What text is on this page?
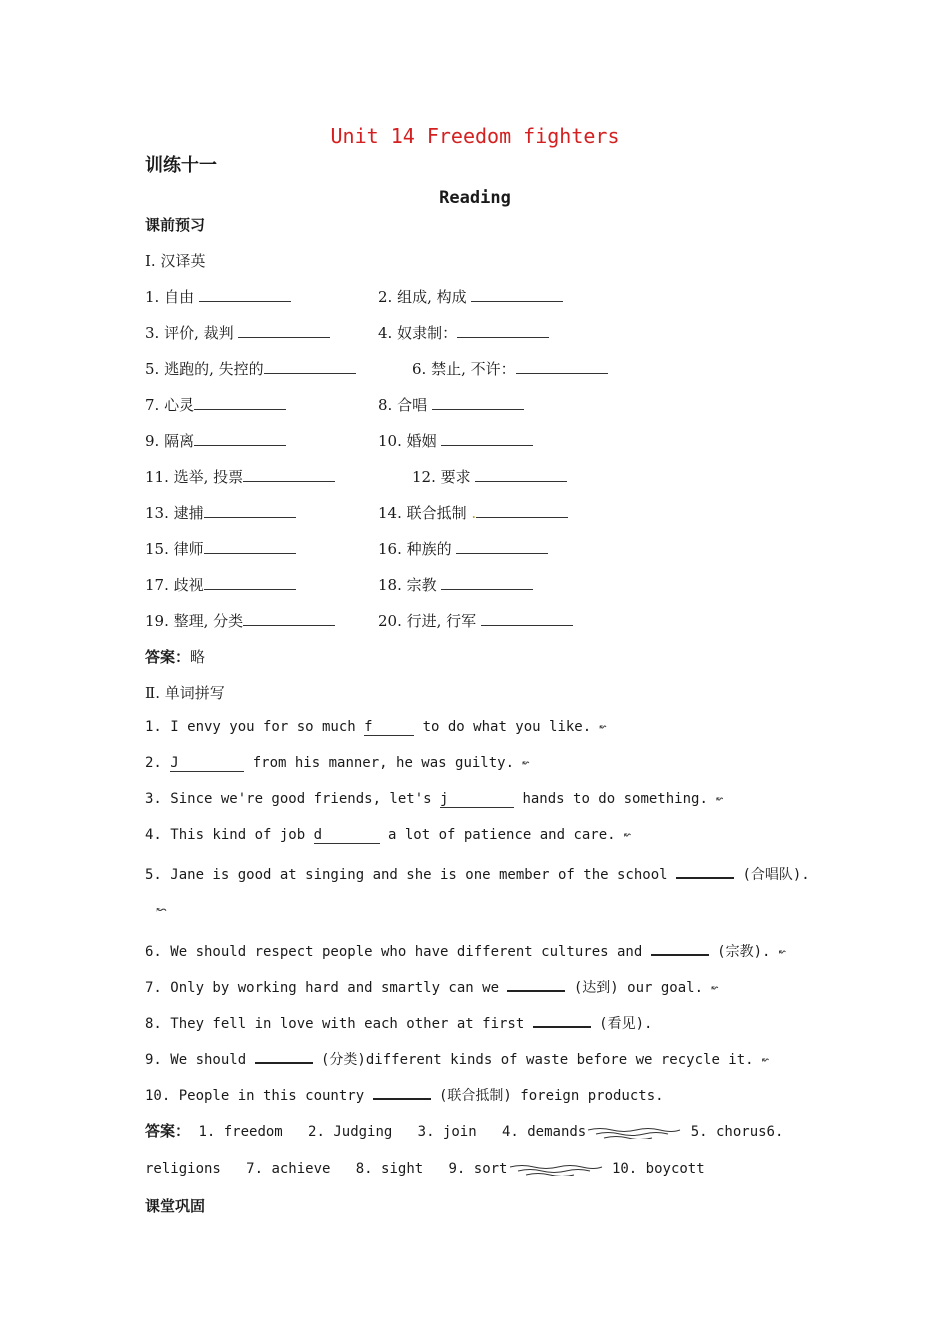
Unit 14 Freedom fighters
训练十一
Reading
课前预习
Ⅰ. 汉译英
1. 自由	2. 组成, 构成
3. 评价, 裁判	4. 奴隶制：
5. 逃跑的, 失控的	6. 禁止, 不许：
7. 心灵	8. 合唱
9. 隔离	10. 婚姻
11. 选举, 投票	12. 要求
13. 逮捕	14. 联合抵制 .
15. 律师	16. 种族的
17. 歧视	18. 宗教
19. 整理, 分类	20. 行进, 行军
答案：略
Ⅱ. 单词拼写
1. I envy you for so much f	to do what you like. ↜
2. J	from his manner, he was guilty. ↜
3. Since we're good friends, let's j	hands to do something. ↜
4. This kind of job d	a lot of patience and care. ↜
5. Jane is good at singing and she is one member of the school	(合唱队).
↜
6. We should respect people who have different cultures and	(宗教). ↜
7. Only by working hard and smartly can we	(达到) our goal. ↜
8. They fell in love with each other at first	(看见).
9. We should	(分类)different kinds of waste before we recycle it. ↜
10. People in this country	(联合抵制) foreign products.
答案： 1. freedom 2. Judging 3. join 4. demands	5. chorus6.
religions 7. achieve 8. sight 9. sort	10. boycott
课堂巩固
